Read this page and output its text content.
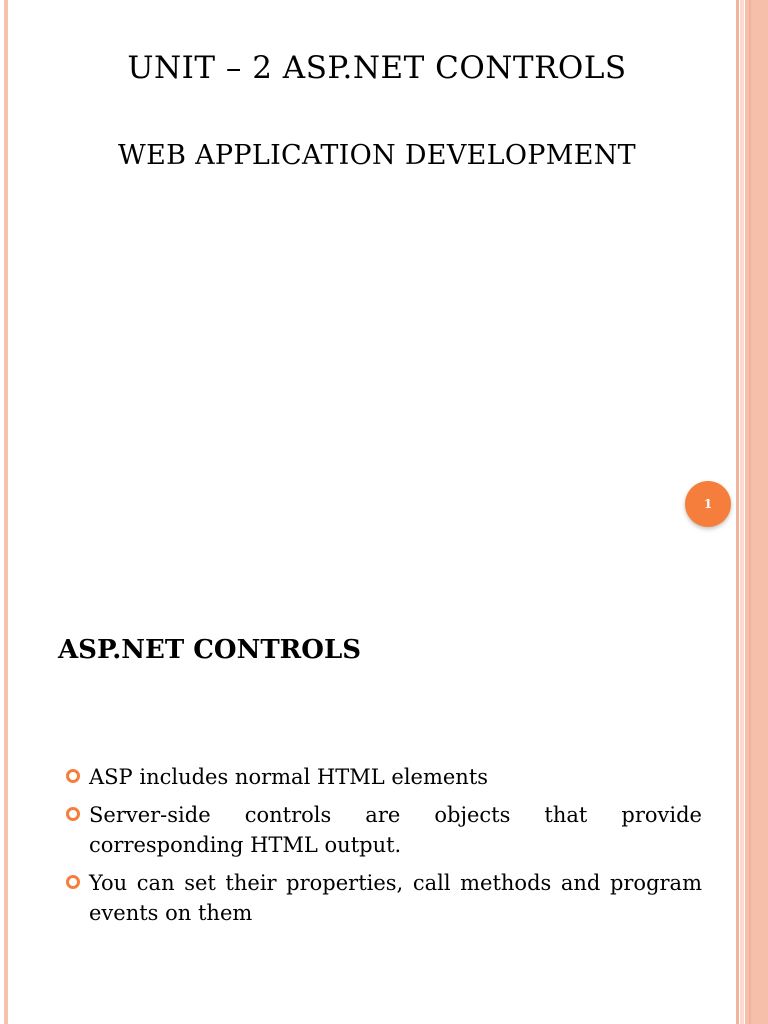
UNIT – 2 ASP.NET CONTROLS
WEB APPLICATION DEVELOPMENT
1
ASP.NET CONTROLS
ASP includes normal HTML elements
Server-side controls are objects that provide corresponding HTML output.
You can set their properties, call methods and program events on them
